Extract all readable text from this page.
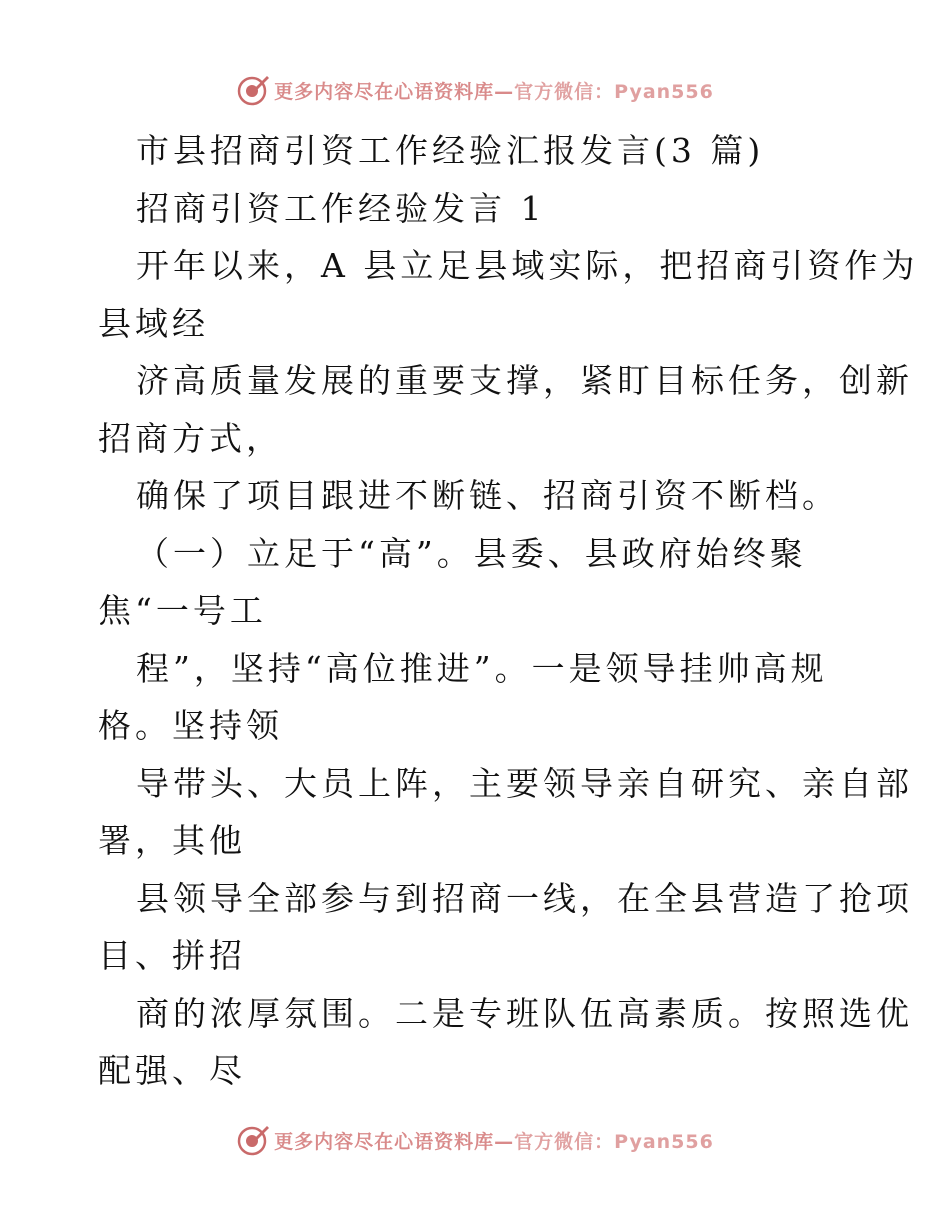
更多内容尽在心语资料库— 官方微信：Pyan556
市县招商引资工作经验汇报发言(3 篇)
招商引资工作经验发言 1
开年以来，A 县立足县域实际，把招商引资作为
县域经
济高质量发展的重要支撑，紧盯目标任务，创新
招商方式，
确保了项目跟进不断链、招商引资不断档。
（一）立足于“高”。县委、县政府始终聚
焦“一号工
程”，坚持“高位推进”。一是领导挂帅高规
格。坚持领
导带头、大员上阵，主要领导亲自研究、亲自部
署，其他
县领导全部参与到招商一线，在全县营造了抢项
目、拼招
商的浓厚氛围。二是专班队伍高素质。按照选优
配强、尽
更多内容尽在心语资料库— 官方微信：Pyan556
